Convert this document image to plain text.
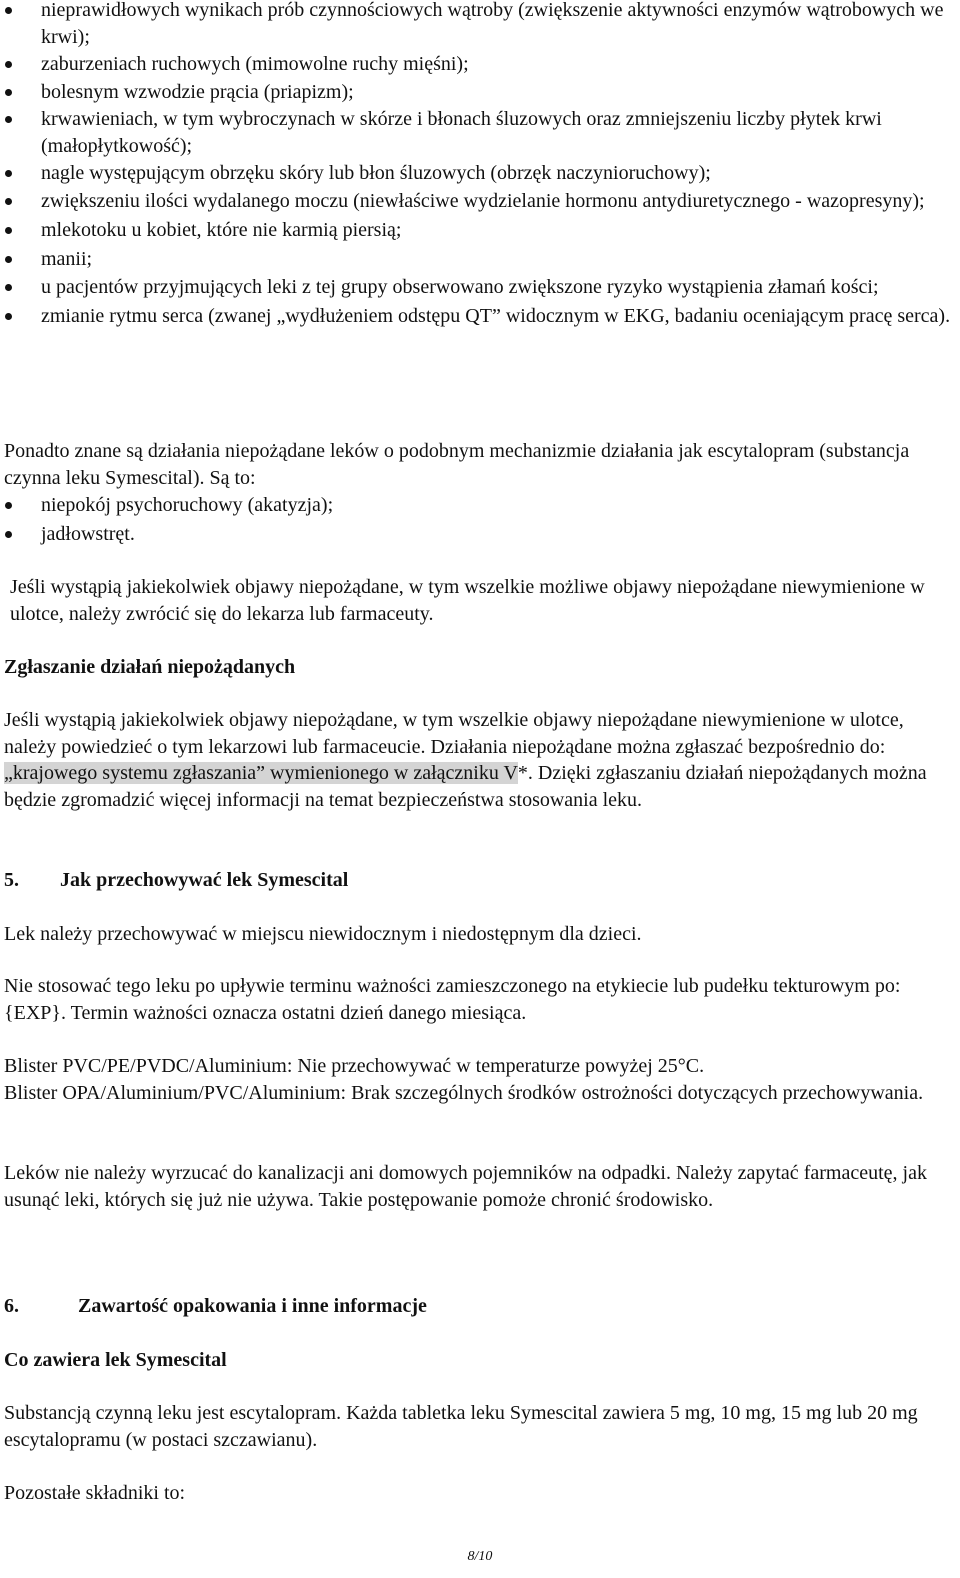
nieprawidłowych wynikach prób czynnościowych wątroby (zwiększenie aktywności enzymów wątrobowych we krwi);
zaburzeniach ruchowych (mimowolne ruchy mięśni);
bolesnym wzwodzie prącia (priapizm);
krwawieniach, w tym wybroczynach w skórze i błonach śluzowych oraz zmniejszeniu liczby płytek krwi (małopłytkowość);
nagle występującym obrzęku skóry lub błon śluzowych (obrzęk naczynioruchowy);
zwiększeniu ilości wydalanego moczu (niewłaściwe wydzielanie hormonu antydiuretycznego - wazopresyny);
mlekotoku u kobiet, które nie karmią piersią;
manii;
u pacjentów przyjmujących leki z tej grupy obserwowano zwiększone ryzyko wystąpienia złamań kości;
zmianie rytmu serca (zwanej „wydłużeniem odstępu QT” widocznym w EKG, badaniu oceniającym pracę serca).

Ponadto znane są działania niepożądane leków o podobnym mechanizmie działania jak escytalopram (substancja czynna leku Symescital). Są to:

niepokój psychoruchowy (akatyzja);
jadłowstręt.

Jeśli wystąpią jakiekolwiek objawy niepożądane, w tym wszelkie możliwe objawy niepożądane niewymienione w ulotce, należy zwrócić się do lekarza lub farmaceuty.

Zgłaszanie działań niepożądanych

Jeśli wystąpią jakiekolwiek objawy niepożądane, w tym wszelkie objawy niepożądane niewymienione w ulotce, należy powiedzieć o tym lekarzowi lub farmaceucie. Działania niepożądane można zgłaszać bezpośrednio do: „krajowego systemu zgłaszania” wymienionego w załączniku V*. Dzięki zgłaszaniu działań niepożądanych można będzie zgromadzić więcej informacji na temat bezpieczeństwa stosowania leku.

5. Jak przechowywać lek Symescital

Lek należy przechowywać w miejscu niewidocznym i niedostępnym dla dzieci.

Nie stosować tego leku po upływie terminu ważności zamieszczonego na etykiecie lub pudełku tekturowym po:{EXP}. Termin ważności oznacza ostatni dzień danego miesiąca.

Blister PVC/PE/PVDC/Aluminium: Nie przechowywać w temperaturze powyżej 25°C.

Blister OPA/Aluminium/PVC/Aluminium: Brak szczególnych środków ostrożności dotyczących przechowywania.

Leków nie należy wyrzucać do kanalizacji ani domowych pojemników na odpadki. Należy zapytać farmaceutę, jak usunąć leki, których się już nie używa. Takie postępowanie pomoże chronić środowisko.

6.	Zawartość opakowania i inne informacje

Co zawiera lek Symescital

Substancją czynną leku jest escytalopram. Każda tabletka leku Symescital zawiera 5 mg, 10 mg, 15 mg lub 20 mg escytalopramu (w postaci szczawianu).

Pozostałe składniki to:

8/10
